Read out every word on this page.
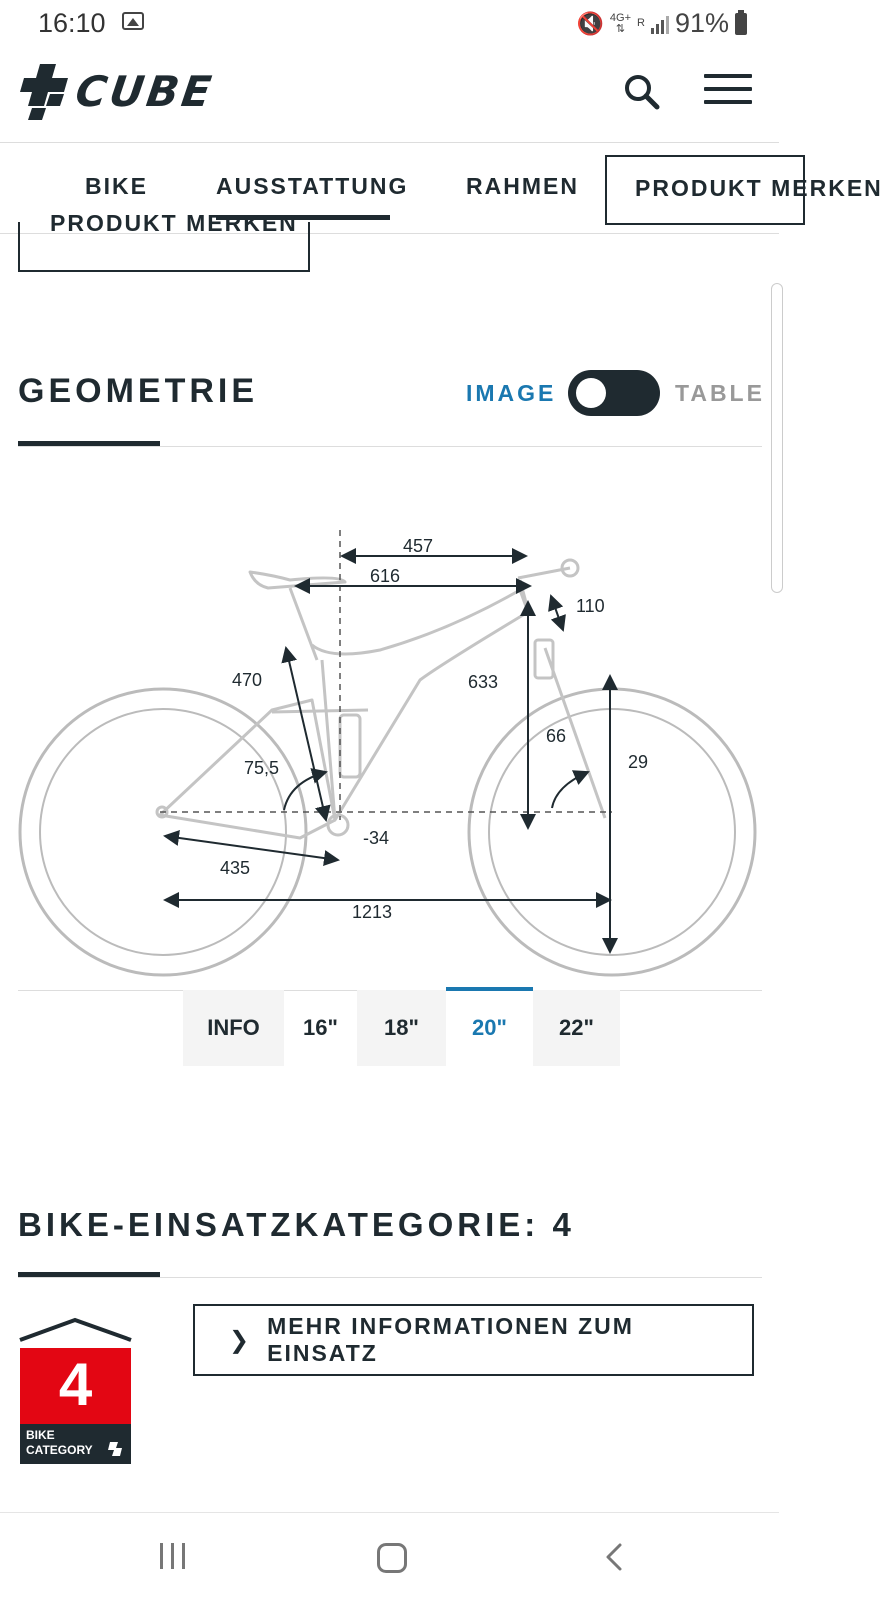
16:10	🔇 4G+
⇅	R 91%
CUBE
BIKE	AUSSTATTUNG	RAHMEN	PRODUKT MERKEN
PRODUKT MERKEN
GEOMETRIE	IMAGE	TABLE
457
616
110
470	633
66
29
75,5
-34
435
1213
INFO	16"	18"	20"	22"
BIKE-EINSATZKATEGORIE: 4
4
BIKE
CATEGORY
❯
MEHR INFORMATIONEN ZUM EINSATZ
